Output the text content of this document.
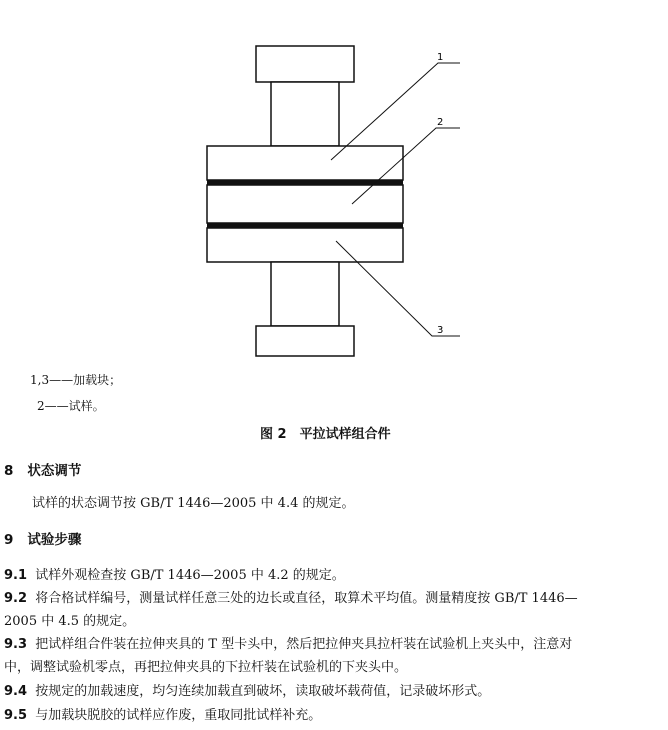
1
2
3
1,3——加载块；
2——试样。
图 2　平拉试样组合件
8 状态调节
试样的状态调节按 GB/T 1446—2005 中 4.4 的规定。
9 试验步骤
9.1 试样外观检查按 GB/T 1446—2005 中 4.2 的规定。
9.2 将合格试样编号，测量试样任意三处的边长或直径，取算术平均值。测量精度按 GB/T 1446—
2005 中 4.5 的规定。
9.3 把试样组合件装在拉伸夹具的 T 型卡头中，然后把拉伸夹具拉杆装在试验机上夹头中，注意对
中，调整试验机零点，再把拉伸夹具的下拉杆装在试验机的下夹头中。
9.4 按规定的加载速度，均匀连续加载直到破坏，读取破坏载荷值，记录破坏形式。
9.5 与加载块脱胶的试样应作废，重取同批试样补充。
